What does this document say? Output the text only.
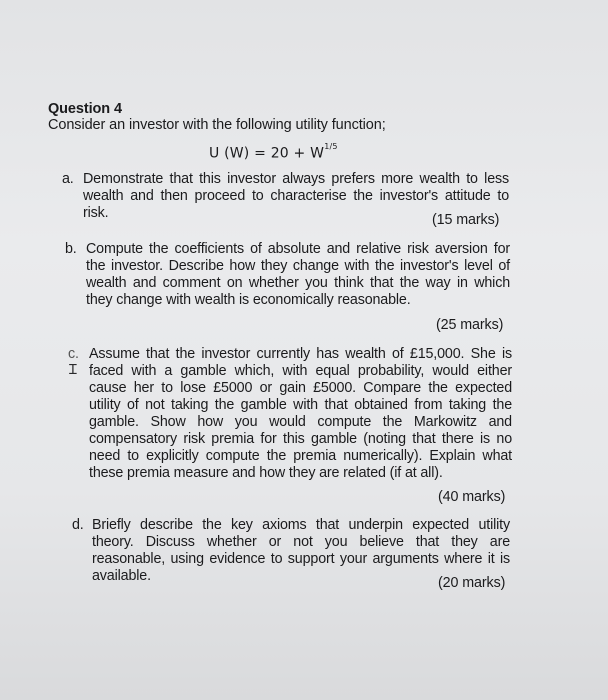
Question 4
Consider an investor with the following utility function;
U $(W) = 20 + W^{1/5}$
a. Demonstrate that this investor always prefers more wealth to less wealth and then proceed to characterise the investor's attitude to risk.	(15 marks)
b. Compute the coefficients of absolute and relative risk aversion for the investor. Describe how they change with the investor's level of wealth and comment on whether you think that the way in which they change with wealth is economically reasonable.
(25 marks)
c. Assume that the investor currently has wealth of £15,000. She is faced with a gamble which, with equal probability, would either cause her to lose £5000 or gain £5000. Compare the expected utility of not taking the gamble with that obtained from taking the gamble. Show how you would compute the Markowitz and compensatory risk premia for this gamble (noting that there is no need to explicitly compute the premia numerically). Explain what these premia measure and how they are related (if at all).
Ɪ
(40 marks)
d. Briefly describe the key axioms that underpin expected utility theory. Discuss whether or not you believe that they are reasonable, using evidence to support your arguments where it is available.	(20 marks)
